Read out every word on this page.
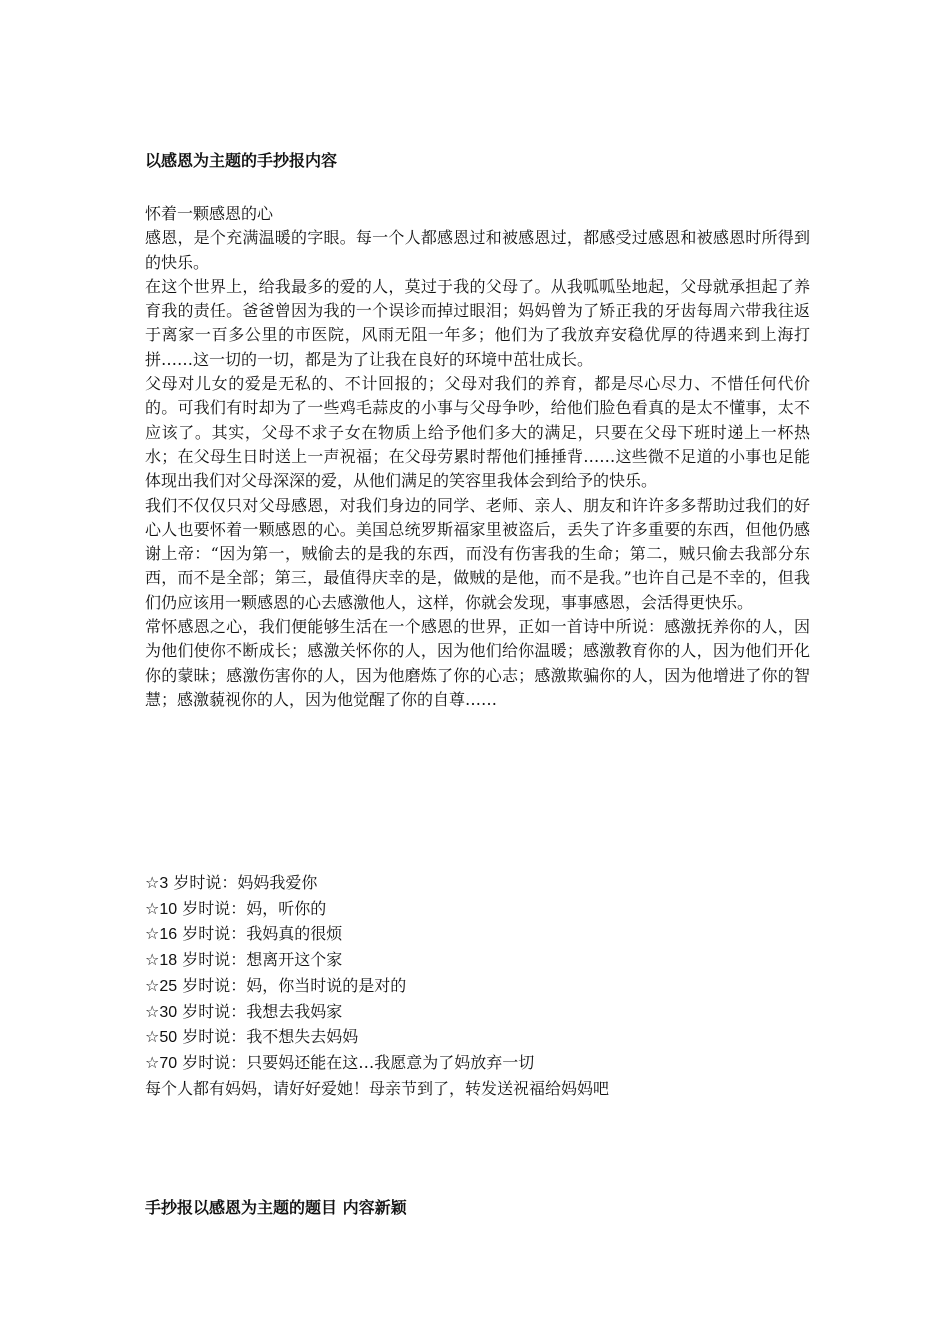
以感恩为主题的手抄报内容

怀着一颗感恩的心

感恩，是个充满温暖的字眼。每一个人都感恩过和被感恩过，都感受过感恩和被感恩时所得到的快乐。

在这个世界上，给我最多的爱的人，莫过于我的父母了。从我呱呱坠地起，父母就承担起了养育我的责任。爸爸曾因为我的一个误诊而掉过眼泪；妈妈曾为了矫正我的牙齿每周六带我往返于离家一百多公里的市医院，风雨无阻一年多；他们为了我放弃安稳优厚的待遇来到上海打拼……这一切的一切，都是为了让我在良好的环境中茁壮成长。

父母对儿女的爱是无私的、不计回报的；父母对我们的养育，都是尽心尽力、不惜任何代价的。可我们有时却为了一些鸡毛蒜皮的小事与父母争吵，给他们脸色看真的是太不懂事，太不应该了。其实，父母不求子女在物质上给予他们多大的满足，只要在父母下班时递上一杯热水；在父母生日时送上一声祝福；在父母劳累时帮他们捶捶背……这些微不足道的小事也足能体现出我们对父母深深的爱，从他们满足的笑容里我体会到给予的快乐。

我们不仅仅只对父母感恩，对我们身边的同学、老师、亲人、朋友和许许多多帮助过我们的好心人也要怀着一颗感恩的心。美国总统罗斯福家里被盗后，丢失了许多重要的东西，但他仍感谢上帝：“因为第一，贼偷去的是我的东西，而没有伤害我的生命；第二，贼只偷去我部分东西，而不是全部；第三，最值得庆幸的是，做贼的是他，而不是我。”也许自己是不幸的，但我们仍应该用一颗感恩的心去感激他人，这样，你就会发现，事事感恩，会活得更快乐。

常怀感恩之心，我们便能够生活在一个感恩的世界，正如一首诗中所说：感激抚养你的人，因为他们使你不断成长；感激关怀你的人，因为他们给你温暖；感激教育你的人，因为他们开化你的蒙昧；感激伤害你的人，因为他磨炼了你的心志；感激欺骗你的人，因为他增进了你的智慧；感激藐视你的人，因为他觉醒了你的自尊……

☆3 岁时说：妈妈我爱你
☆10 岁时说：妈，听你的
☆16 岁时说：我妈真的很烦
☆18 岁时说：想离开这个家
☆25 岁时说：妈，你当时说的是对的
☆30 岁时说：我想去我妈家
☆50 岁时说：我不想失去妈妈
☆70 岁时说：只要妈还能在这…我愿意为了妈放弃一切
每个人都有妈妈，请好好爱她！母亲节到了，转发送祝福给妈妈吧
手抄报以感恩为主题的题目 内容新颖
